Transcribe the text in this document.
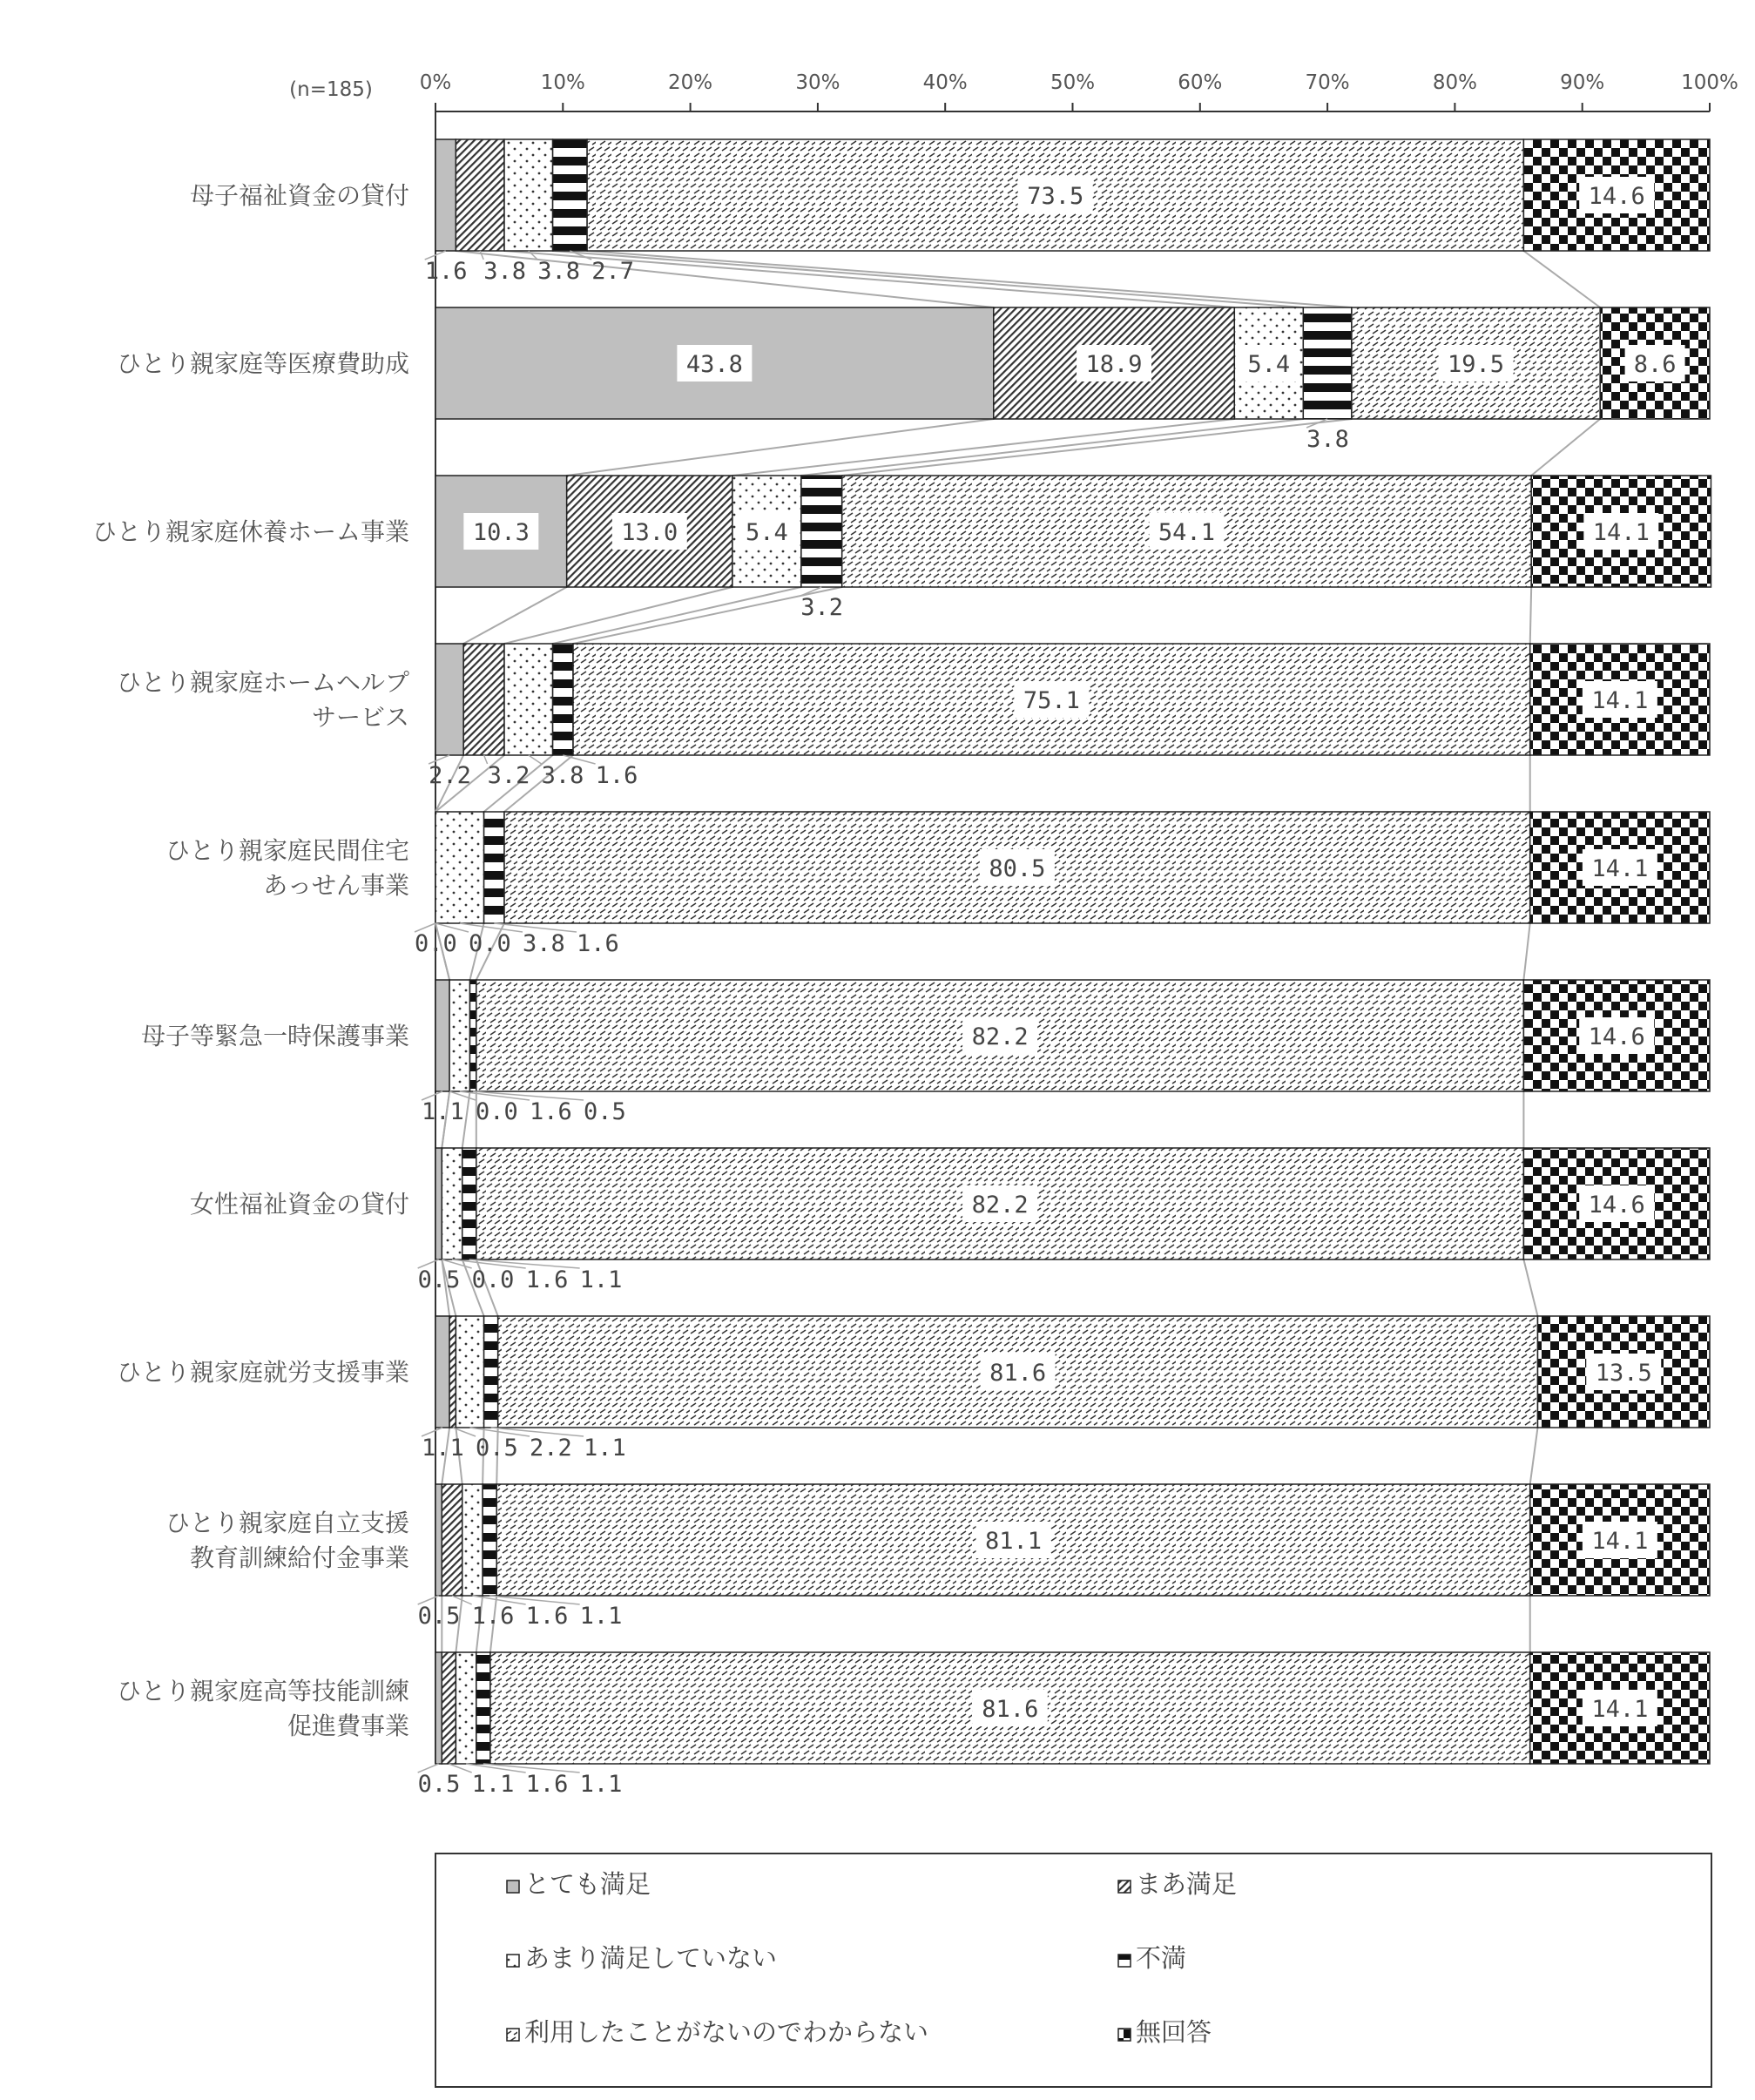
(n=185) 0%	10%	20%	30%	40%	50%	60%	70%	80%	90%	100%
母子福祉資金の貸付
ひとり親家庭等医療費助成
ひとり親家庭休養ホーム事業
ひとり親家庭ホームヘルプ
サービス
ひとり親家庭民間住宅
あっせん事業
母子等緊急一時保護事業
女性福祉資金の貸付
ひとり親家庭就労支援事業
ひとり親家庭自立支援
教育訓練給付金事業
ひとり親家庭高等技能訓練
促進費事業
73.5	14.6
1.6 3.8 3.8 2.7
43.8	18.9	5.4	19.5	8.6
3.8
10.3	13.0	5.4	54.1	14.1
3.2
75.1	14.1
2.2 3.2 3.8 1.6
80.5	14.1
0.0 0.0 3.8 1.6
82.2	14.6
1.1 0.0 1.6 0.5
82.2	14.6
0.5 0.0 1.6 1.1
81.6	13.5
1.1 0.5 2.2 1.1
81.1	14.1
0.5 1.6 1.6 1.1
81.6	14.1
0.5 1.1 1.6 1.1
とても満足	まあ満足
あまり満足していない	不満
利用したことがないのでわからない	無回答
